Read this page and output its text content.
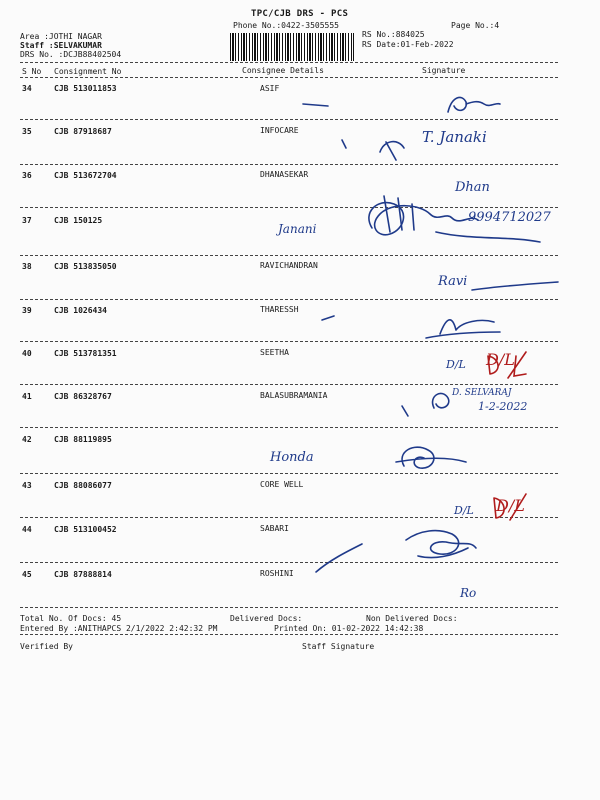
TPC/CJB DRS - PCS
Phone No.:0422-3505555	Page No.:4
Area :JOTHI NAGAR
Staff :SELVAKUMAR
DRS No. :DCJB88402504
RS No.:884025
RS Date:01-Feb-2022
S No Consignment No	Consignee Details	Signature
34	CJB 513011853	ASIF
35	CJB 87918687	INFOCARE
36	CJB 513672704	DHANASEKAR
37	CJB 150125
38	CJB 513835050	RAVICHANDRAN
39	CJB 1026434	THARESSH
40	CJB 513781351	SEETHA
41	CJB 86328767	BALASUBRAMANIA
42	CJB 88119895
43	CJB 88086077	CORE WELL
44	CJB 513100452	SABARI
45	CJB 87888814	ROSHINI
Total No. Of Docs: 45	Delivered Docs:	Non Delivered Docs:
Entered By :ANITHAPCS 2/1/2022 2:42:32 PM	Printed On: 01-02-2022 14:42:38
Verified By	Staff Signature
T. Janaki
Dhan
Janani
9994712027
Ravi
D/L D/L
D. SELVARAJ
1-2-2022
Honda
D/L D/L
Ro
